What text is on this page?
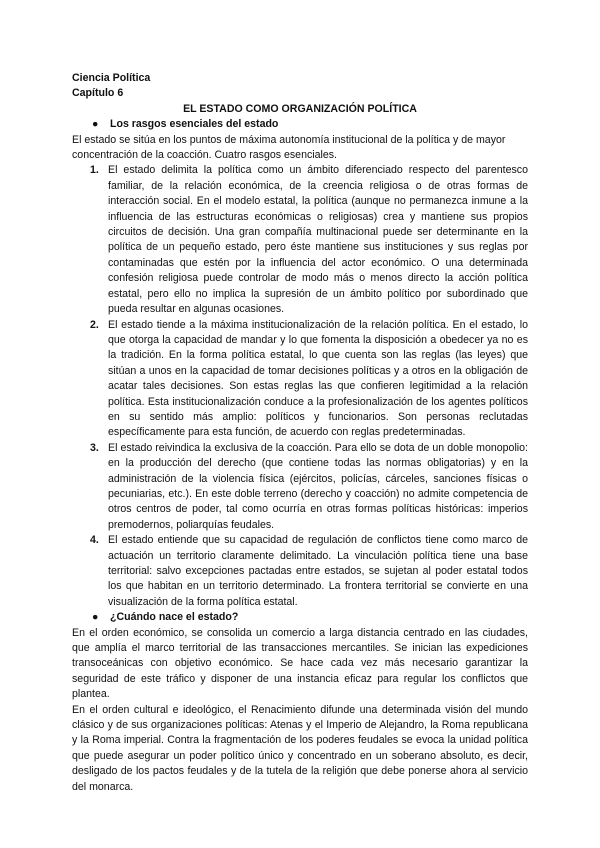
Ciencia Política

Capítulo 6

EL ESTADO COMO ORGANIZACIÓN POLÍTICA

● Los rasgos esenciales del estado

El estado se sitúa en los puntos de máxima autonomía institucional de la política y de mayor concentración de la coacción. Cuatro rasgos esenciales.

1. El estado delimita la política como un ámbito diferenciado respecto del parentesco familiar, de la relación económica, de la creencia religiosa o de otras formas de interacción social. En el modelo estatal, la política (aunque no permanezca inmune a la influencia de las estructuras económicas o religiosas) crea y mantiene sus propios circuitos de decisión. Una gran compañía multinacional puede ser determinante en la política de un pequeño estado, pero éste mantiene sus instituciones y sus reglas por contaminadas que estén por la influencia del actor económico. O una determinada confesión religiosa puede controlar de modo más o menos directo la acción política estatal, pero ello no implica la supresión de un ámbito político por subordinado que pueda resultar en algunas ocasiones.
2. El estado tiende a la máxima institucionalización de la relación política. En el estado, lo que otorga la capacidad de mandar y lo que fomenta la disposición a obedecer ya no es la tradición. En la forma política estatal, lo que cuenta son las reglas (las leyes) que sitúan a unos en la capacidad de tomar decisiones políticas y a otros en la obligación de acatar tales decisiones. Son estas reglas las que confieren legitimidad a la relación política. Esta institucionalización conduce a la profesionalización de los agentes políticos en su sentido más amplio: políticos y funcionarios. Son personas reclutadas específicamente para esta función, de acuerdo con reglas predeterminadas.
3. El estado reivindica la exclusiva de la coacción. Para ello se dota de un doble monopolio: en la producción del derecho (que contiene todas las normas obligatorias) y en la administración de la violencia física (ejércitos, policías, cárceles, sanciones físicas o pecuniarias, etc.). En este doble terreno (derecho y coacción) no admite competencia de otros centros de poder, tal como ocurría en otras formas políticas históricas: imperios premodernos, poliarquías feudales.
4. El estado entiende que su capacidad de regulación de conflictos tiene como marco de actuación un territorio claramente delimitado. La vinculación política tiene una base territorial: salvo excepciones pactadas entre estados, se sujetan al poder estatal todos los que habitan en un territorio determinado. La frontera territorial se convierte en una visualización de la forma política estatal.
● ¿Cuándo nace el estado?

En el orden económico, se consolida un comercio a larga distancia centrado en las ciudades, que amplía el marco territorial de las transacciones mercantiles. Se inician las expediciones transoceánicas con objetivo económico. Se hace cada vez más necesario garantizar la seguridad de este tráfico y disponer de una instancia eficaz para regular los conflictos que plantea.

En el orden cultural e ideológico, el Renacimiento difunde una determinada visión del mundo clásico y de sus organizaciones políticas: Atenas y el Imperio de Alejandro, la Roma republicana y la Roma imperial. Contra la fragmentación de los poderes feudales se evoca la unidad política que puede asegurar un poder político único y concentrado en un soberano absoluto, es decir, desligado de los pactos feudales y de la tutela de la religión que debe ponerse ahora al servicio del monarca.
